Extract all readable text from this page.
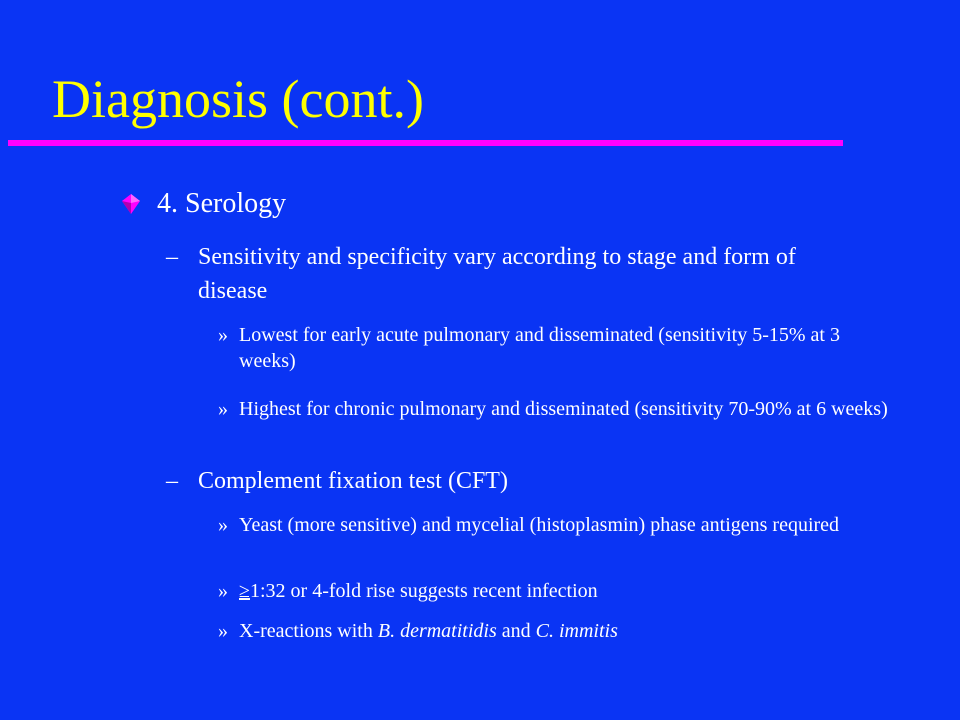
Diagnosis (cont.)
4. Serology
– Sensitivity and specificity vary according to stage and form of disease
» Lowest for early acute pulmonary and disseminated (sensitivity 5-15% at 3 weeks)
» Highest for chronic pulmonary and disseminated (sensitivity 70-90% at 6 weeks)
– Complement fixation test (CFT)
» Yeast (more sensitive) and mycelial (histoplasmin) phase antigens required
» ≥1:32 or 4-fold rise suggests recent infection
» X-reactions with B. dermatitidis and C. immitis
